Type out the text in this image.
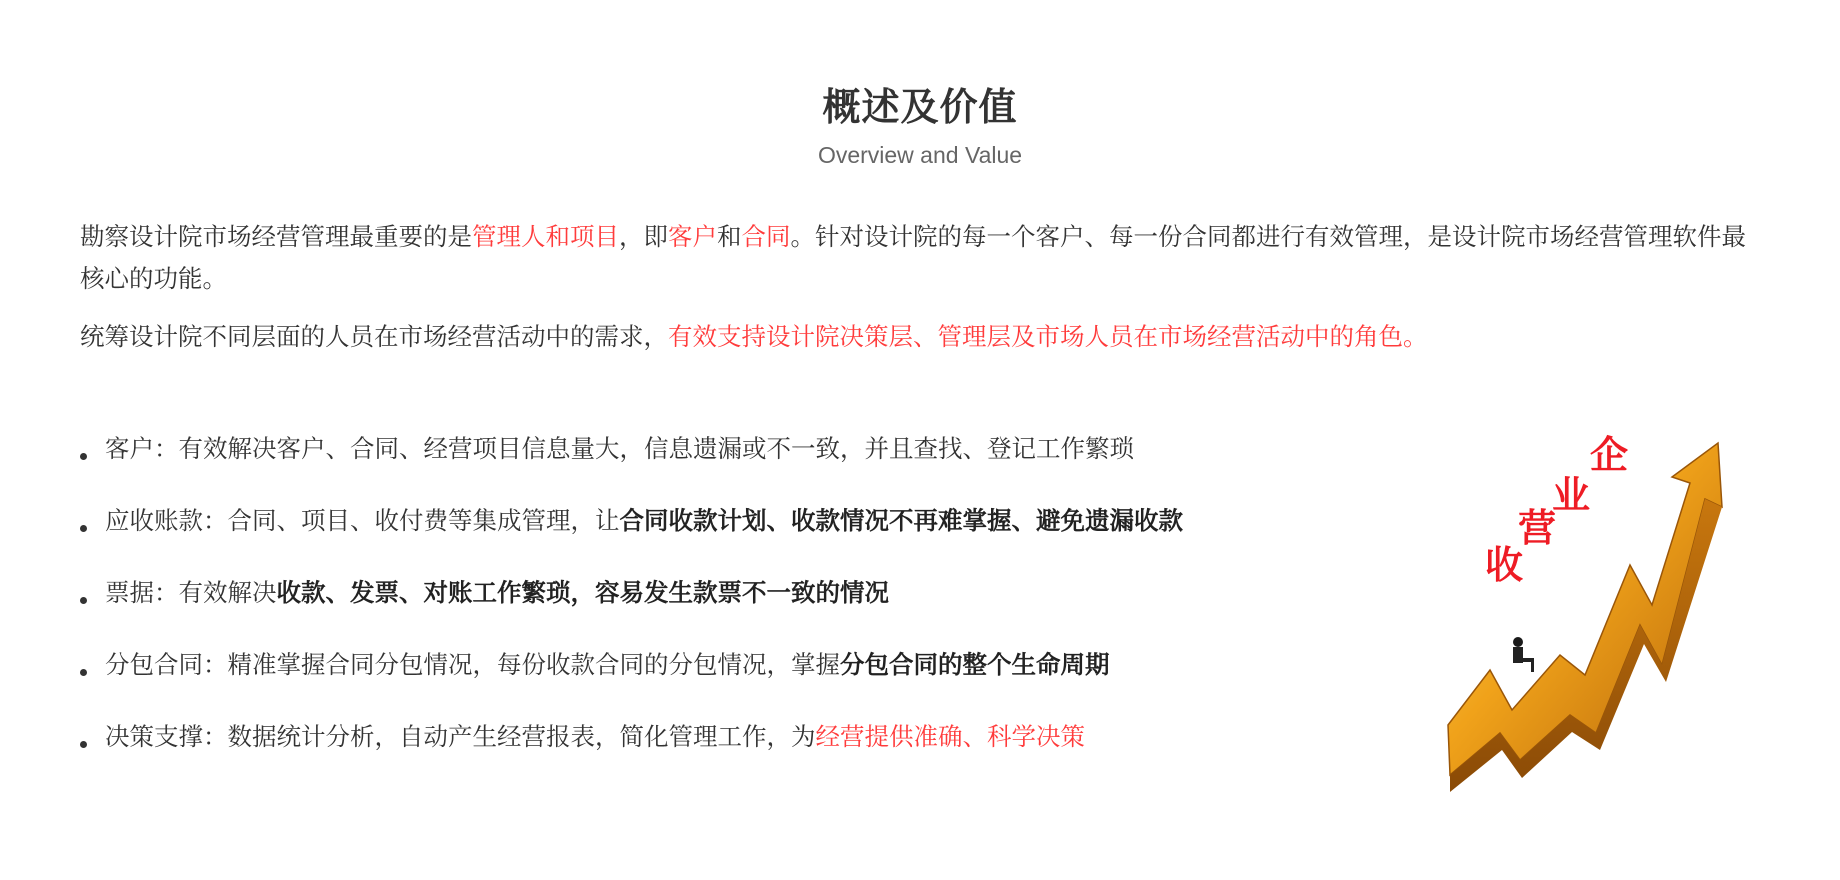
概述及价值
Overview and Value

勘察设计院市场经营管理最重要的是管理人和项目，即客户和合同。针对设计院的每一个客户、每一份合同都进行有效管理，是设计院市场经营管理软件最核心的功能。

统筹设计院不同层面的人员在市场经营活动中的需求，有效支持设计院决策层、管理层及市场人员在市场经营活动中的角色。

客户：有效解决客户、合同、经营项目信息量大，信息遗漏或不一致，并且查找、登记工作繁琐
应收账款：合同、项目、收付费等集成管理，让合同收款计划、收款情况不再难掌握、避免遗漏收款
票据：有效解决收款、发票、对账工作繁琐，容易发生款票不一致的情况
分包合同：精准掌握合同分包情况，每份收款合同的分包情况，掌握分包合同的整个生命周期
决策支撑：数据统计分析，自动产生经营报表，简化管理工作，为经营提供准确、科学决策
企
业
营
收
